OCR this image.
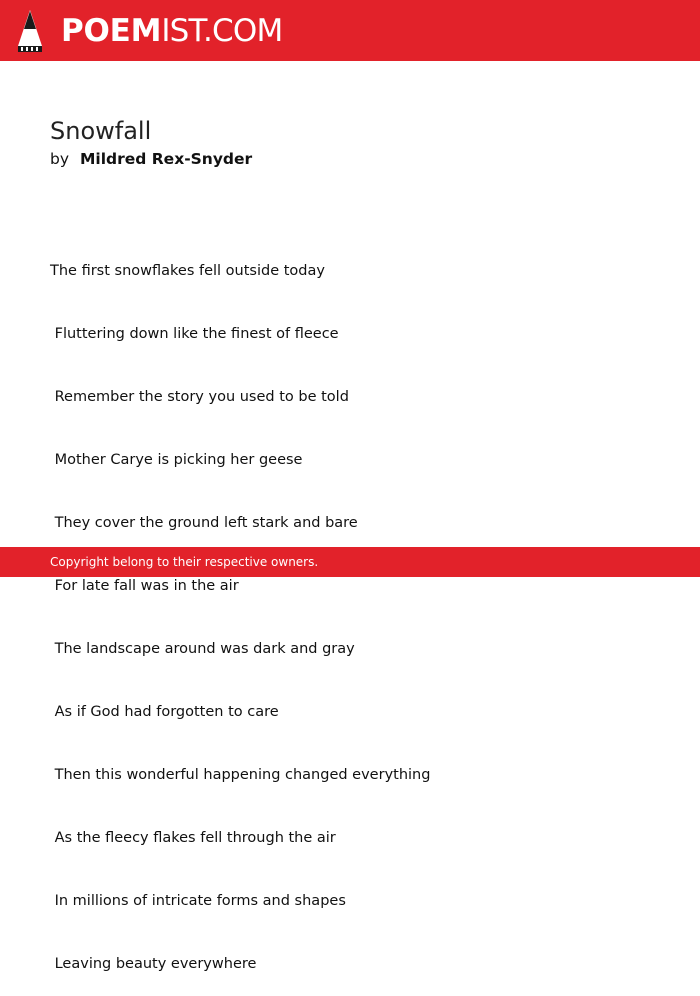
POEMIST.COM
Snowfall
by Mildred Rex-Snyder

The first snowflakes fell outside today

Fluttering down like the finest of fleece

Remember the story you used to be told

Mother Carye is picking her geese

They cover the ground left stark and bare

For late fall was in the air

The landscape around was dark and gray

As if God had forgotten to care

Then this wonderful happening changed everything

As the fleecy flakes fell through the air

In millions of intricate forms and shapes

Leaving beauty everywhere

Copyright belong to their respective owners.
